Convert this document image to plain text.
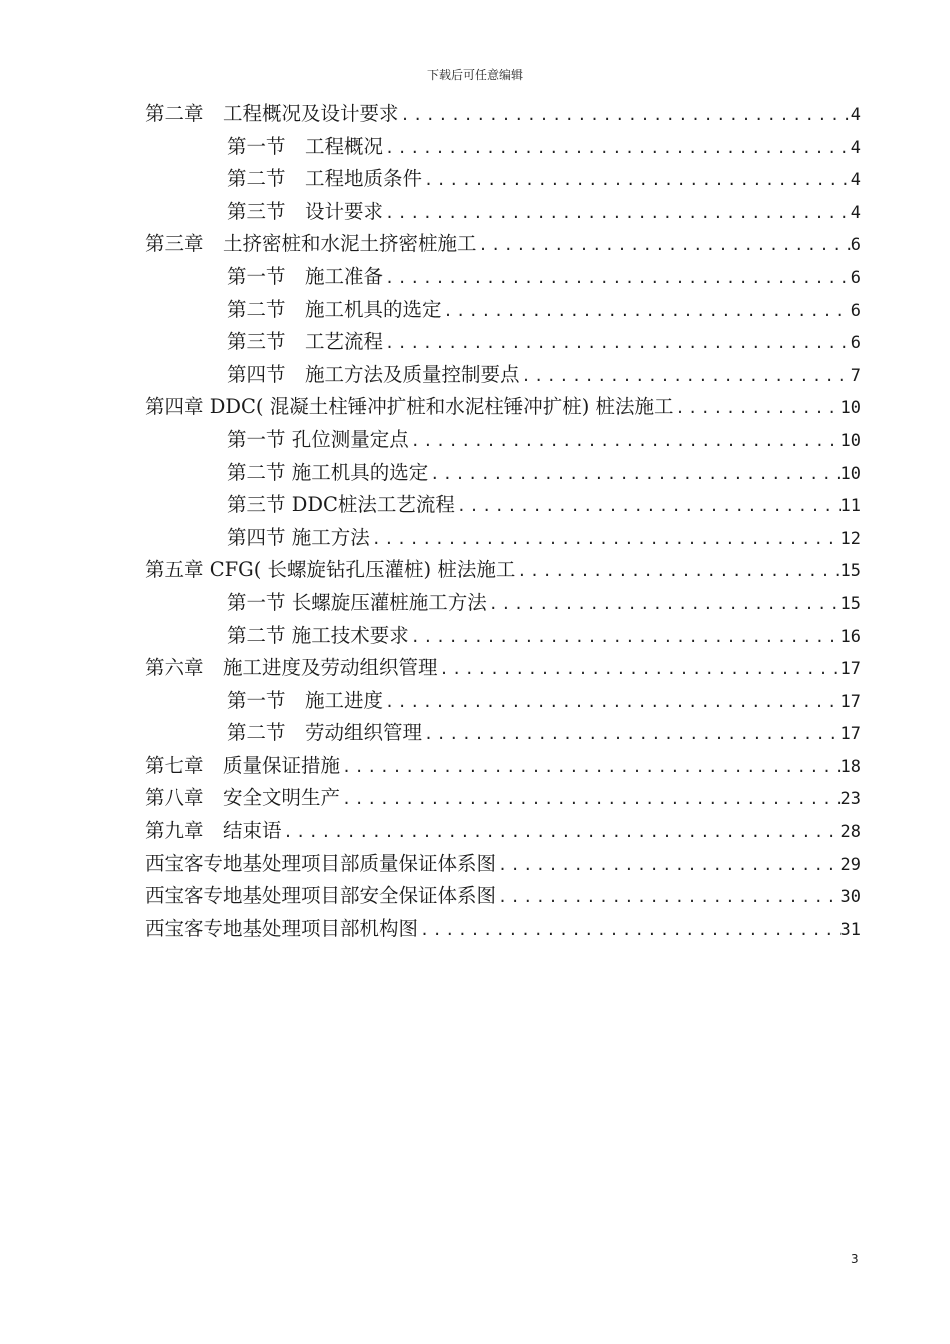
下载后可任意编辑
第二章　工程概况及设计要求 .....	4
第一节　工程概况 .....	4
第二节　工程地质条件 .....	4
第三节　设计要求 .....	4
第三章　土挤密桩和水泥土挤密桩施工 .....	6
第一节　施工准备 .....	6
第二节　施工机具的选定 .....	6
第三节　工艺流程 .....	6
第四节　施工方法及质量控制要点 .....	7
第四章 DDC( 混凝土柱锤冲扩桩和水泥柱锤冲扩桩) 桩法施工 .....	10
第一节 孔位测量定点 .....	10
第二节 施工机具的选定 .....	10
第三节 DDC桩法工艺流程 .....	11
第四节 施工方法 .....	12
第五章 CFG( 长螺旋钻孔压灌桩) 桩法施工 .....	15
第一节 长螺旋压灌桩施工方法 .....	15
第二节 施工技术要求 .....	16
第六章　施工进度及劳动组织管理 .....	17
第一节　施工进度 .....	17
第二节　劳动组织管理 .....	17
第七章　质量保证措施 .....	18
第八章　安全文明生产 .....	23
第九章　结束语 .....	28
西宝客专地基处理项目部质量保证体系图 .....	29
西宝客专地基处理项目部安全保证体系图 .....	30
西宝客专地基处理项目部机构图 .....	31
3
